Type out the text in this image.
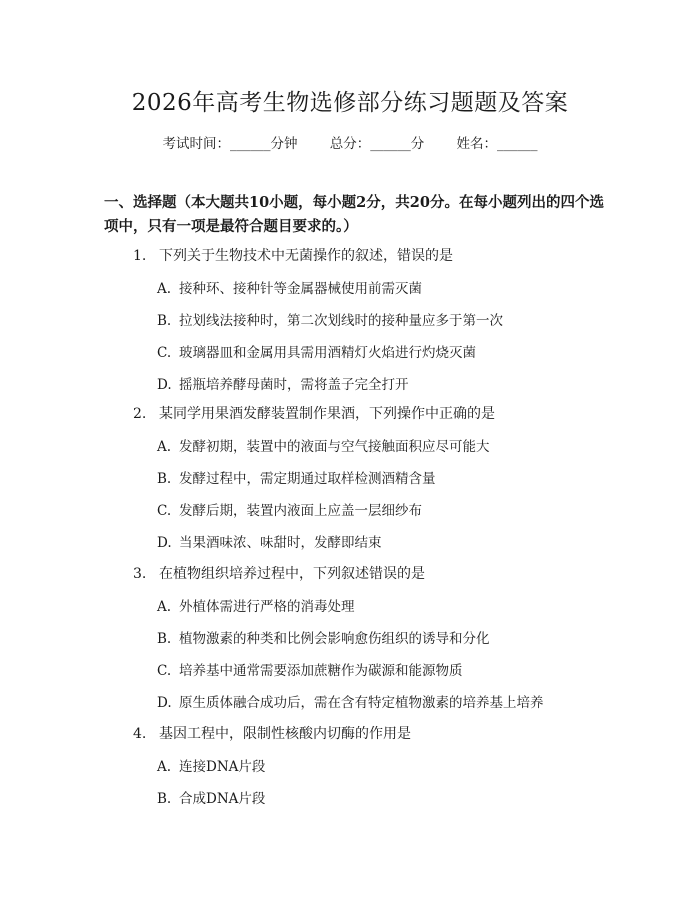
2026年高考生物选修部分练习题题及答案
考试时间：______分钟 总分：______分 姓名：______
一、选择题（本大题共10小题，每小题2分，共20分。在每小题列出的四个选项中，只有一项是最符合题目要求的。）
1. 下列关于生物技术中无菌操作的叙述，错误的是
A. 接种环、接种针等金属器械使用前需灭菌
B. 拉划线法接种时，第二次划线时的接种量应多于第一次
C. 玻璃器皿和金属用具需用酒精灯火焰进行灼烧灭菌
D. 摇瓶培养酵母菌时，需将盖子完全打开
2. 某同学用果酒发酵装置制作果酒，下列操作中正确的是
A. 发酵初期，装置中的液面与空气接触面积应尽可能大
B. 发酵过程中，需定期通过取样检测酒精含量
C. 发酵后期，装置内液面上应盖一层细纱布
D. 当果酒味浓、味甜时，发酵即结束
3. 在植物组织培养过程中，下列叙述错误的是
A. 外植体需进行严格的消毒处理
B. 植物激素的种类和比例会影响愈伤组织的诱导和分化
C. 培养基中通常需要添加蔗糖作为碳源和能源物质
D. 原生质体融合成功后，需在含有特定植物激素的培养基上培养
4. 基因工程中，限制性核酸内切酶的作用是
A. 连接DNA片段
B. 合成DNA片段
